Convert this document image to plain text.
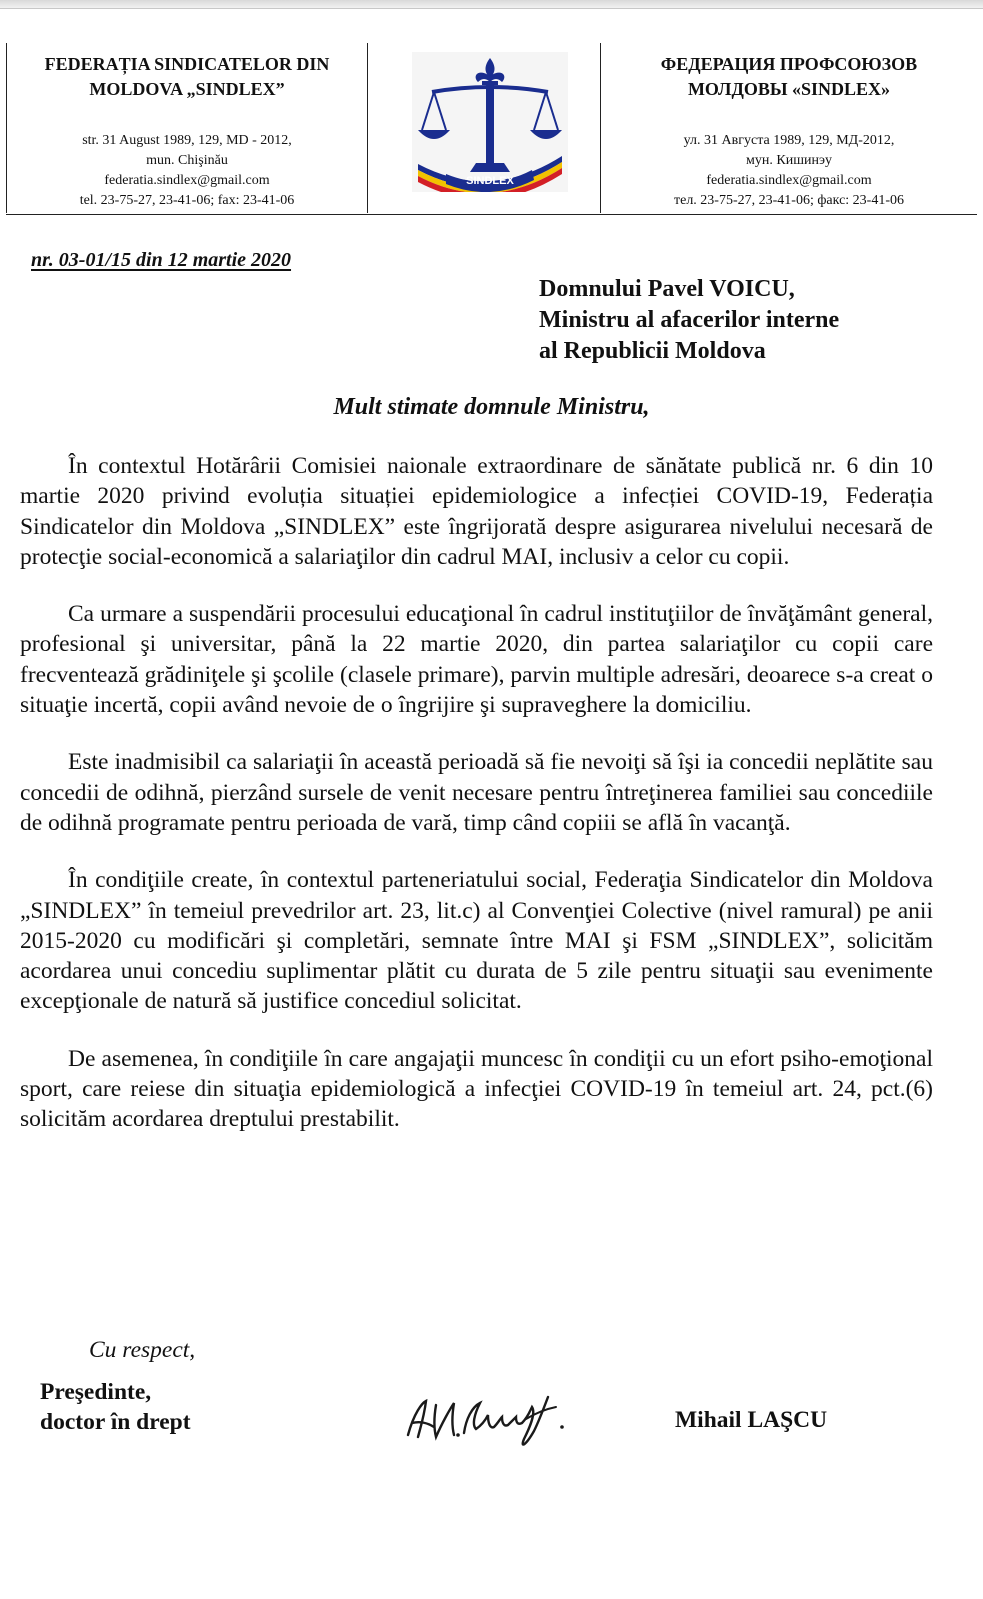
FEDERAȚIA SINDICATELOR DIN
MOLDOVA „SINDLEX”
str. 31 August 1989, 129, MD - 2012,
mun. Chişinău
federatia.sindlex@gmail.com
tel. 23-75-27, 23-41-06; fax: 23-41-06
SINDLEX
ФЕДЕРАЦИЯ ПРОФСОЮЗОВ
МОЛДОВЫ «SINDLEX»
ул. 31 Августа 1989, 129, МД-2012,
мун. Кишинэу
federatia.sindlex@gmail.com
тел. 23-75-27, 23-41-06; факс: 23-41-06
nr. 03-01/15 din 12 martie 2020
Domnului Pavel VOICU,
Ministru al afacerilor interne
al Republicii Moldova
Mult stimate domnule Ministru,

În contextul Hotărârii Comisiei naionale extraordinare de sănătate publică nr. 6 din 10 martie 2020 privind evoluția situației epidemiologice a infecției COVID-19, Federația Sindicatelor din Moldova „SINDLEX” este îngrijorată despre asigurarea nivelului necesară de protecţie social-economică a salariaţilor din cadrul MAI, inclusiv a celor cu copii.

Ca urmare a suspendării procesului educaţional în cadrul instituţiilor de învăţământ general, profesional şi universitar, până la 22 martie 2020, din partea salariaţilor cu copii care frecventează grădiniţele şi şcolile (clasele primare), parvin multiple adresări, deoarece s-a creat o situaţie incertă, copii având nevoie de o îngrijire şi supraveghere la domiciliu.

Este inadmisibil ca salariaţii în această perioadă să fie nevoiţi să îşi ia concedii neplătite sau concedii de odihnă, pierzând sursele de venit necesare pentru întreţinerea familiei sau concediile de odihnă programate pentru perioada de vară, timp când copiii se află în vacanţă.

În condiţiile create, în contextul parteneriatului social, Federaţia Sindicatelor din Moldova „SINDLEX” în temeiul prevedrilor art. 23, lit.c) al Convenţiei Colective (nivel ramural) pe anii 2015-2020 cu modificări şi completări, semnate între MAI şi FSM „SINDLEX”, solicităm acordarea unui concediu suplimentar plătit cu durata de 5 zile pentru situaţii sau evenimente excepţionale de natură să justifice concediul solicitat.

De asemenea, în condiţiile în care angajaţii muncesc în condiţii cu un efort psiho-emoţional sport, care reiese din situaţia epidemiologică a infecţiei COVID-19 în temeiul art. 24, pct.(6) solicităm acordarea dreptului prestabilit.

Cu respect,
Preşedinte,
doctor în drept	Mihail LAŞCU
